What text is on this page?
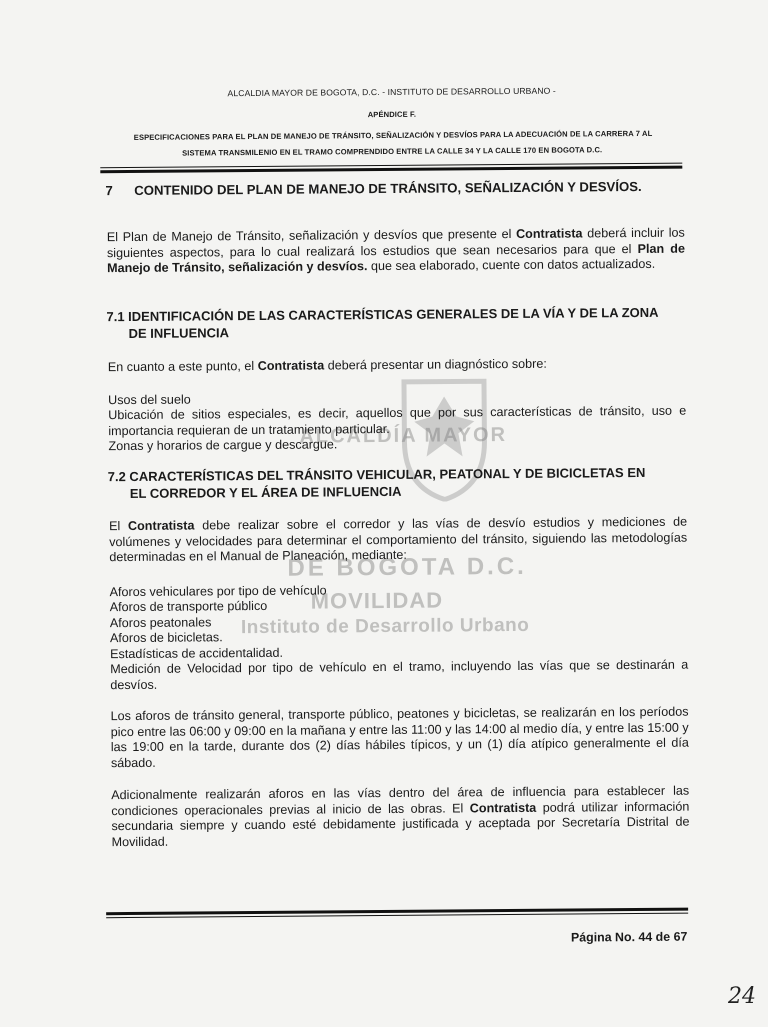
ALCALDIA MAYOR DE BOGOTA, D.C. - INSTITUTO DE DESARROLLO URBANO -
APÉNDICE F.
ESPECIFICACIONES PARA EL PLAN DE MANEJO DE TRÁNSITO, SEÑALIZACIÓN Y DESVÍOS PARA LA ADECUACIÓN DE LA CARRERA 7 AL
SISTEMA TRANSMILENIO EN EL TRAMO COMPRENDIDO ENTRE LA CALLE 34 Y LA CALLE 170 EN BOGOTA D.C.
ALCALDÍA MAYOR
DE BOGOTA D.C.
MOVILIDAD
Instituto de Desarrollo Urbano
7 CONTENIDO DEL PLAN DE MANEJO DE TRÁNSITO, SEÑALIZACIÓN Y DESVÍOS.
El Plan de Manejo de Tránsito, señalización y desvíos que presente el Contratista deberá incluir los siguientes aspectos, para lo cual realizará los estudios que sean necesarios para que el Plan de Manejo de Tránsito, señalización y desvíos. que sea elaborado, cuente con datos actualizados.
7.1 IDENTIFICACIÓN DE LAS CARACTERÍSTICAS GENERALES DE LA VÍA Y DE LA ZONA
DE INFLUENCIA
En cuanto a este punto, el Contratista deberá presentar un diagnóstico sobre:
Usos del suelo
Ubicación de sitios especiales, es decir, aquellos que por sus características de tránsito, uso e importancia requieran de un tratamiento particular.
Zonas y horarios de cargue y descargue.
7.2 CARACTERÍSTICAS DEL TRÁNSITO VEHICULAR, PEATONAL Y DE BICICLETAS EN
EL CORREDOR Y EL ÁREA DE INFLUENCIA
El Contratista debe realizar sobre el corredor y las vías de desvío estudios y mediciones de volúmenes y velocidades para determinar el comportamiento del tránsito, siguiendo las metodologías determinadas en el Manual de Planeación, mediante:
Aforos vehiculares por tipo de vehículo
Aforos de transporte público
Aforos peatonales
Aforos de bicicletas.
Estadísticas de accidentalidad.
Medición de Velocidad por tipo de vehículo en el tramo, incluyendo las vías que se destinarán a desvíos.
Los aforos de tránsito general, transporte público, peatones y bicicletas, se realizarán en los períodos pico entre las 06:00 y 09:00 en la mañana y entre las 11:00 y las 14:00 al medio día, y entre las 15:00 y las 19:00 en la tarde, durante dos (2) días hábiles típicos, y un (1) día atípico generalmente el día sábado.
Adicionalmente realizarán aforos en las vías dentro del área de influencia para establecer las condiciones operacionales previas al inicio de las obras. El Contratista podrá utilizar información secundaria siempre y cuando esté debidamente justificada y aceptada por Secretaría Distrital de Movilidad.
Página No. 44 de 67
24
